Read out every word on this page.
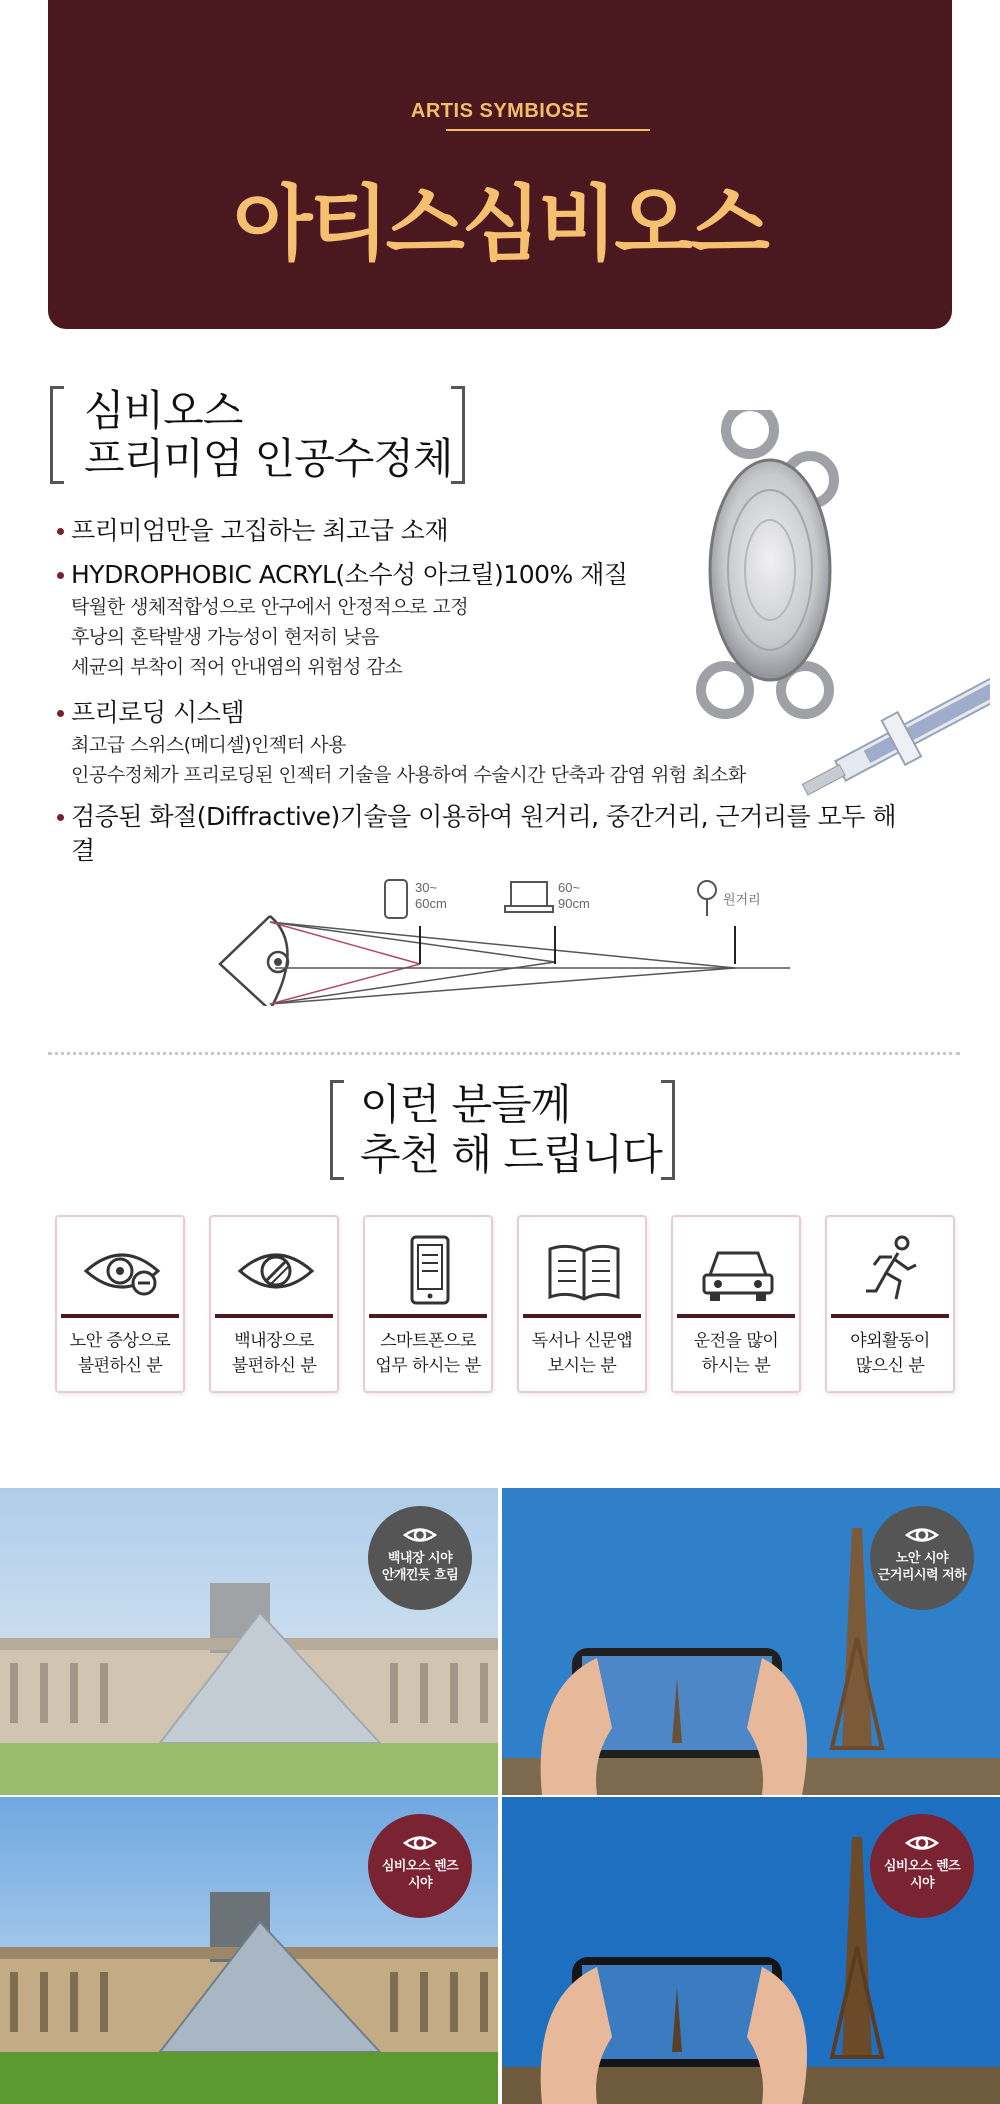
ARTIS SYMBIOSE
아티스심비오스
심비오스
프리미엄 인공수정체
프리미엄만을 고집하는 최고급 소재
HYDROPHOBIC ACRYL(소수성 아크릴)100% 재질
탁월한 생체적합성으로 안구에서 안정적으로 고정
후낭의 혼탁발생 가능성이 현저히 낮음
세균의 부착이 적어 안내염의 위험성 감소
프리로딩 시스템
최고급 스위스(메디셀)인젝터 사용
인공수정체가 프리로딩된 인젝터 기술을 사용하여 수술시간 단축과 감염 위험 최소화
검증된 화절(Diffractive)기술을 이용하여 원거리, 중간거리, 근거리를 모두 해결
30~
60cm
60~
90cm	원거리
이런 분들께
추천 해 드립니다
노안 증상으로
불편하신 분
백내장으로
불편하신 분
스마트폰으로
업무 하시는 분
독서나 신문앱
보시는 분
운전을 많이
하시는 분
야외활동이
많으신 분
백내장 시야
안개낀듯 흐림
노안 시야
근거리시력 저하
심비오스 렌즈
시야
심비오스 렌즈
시야
